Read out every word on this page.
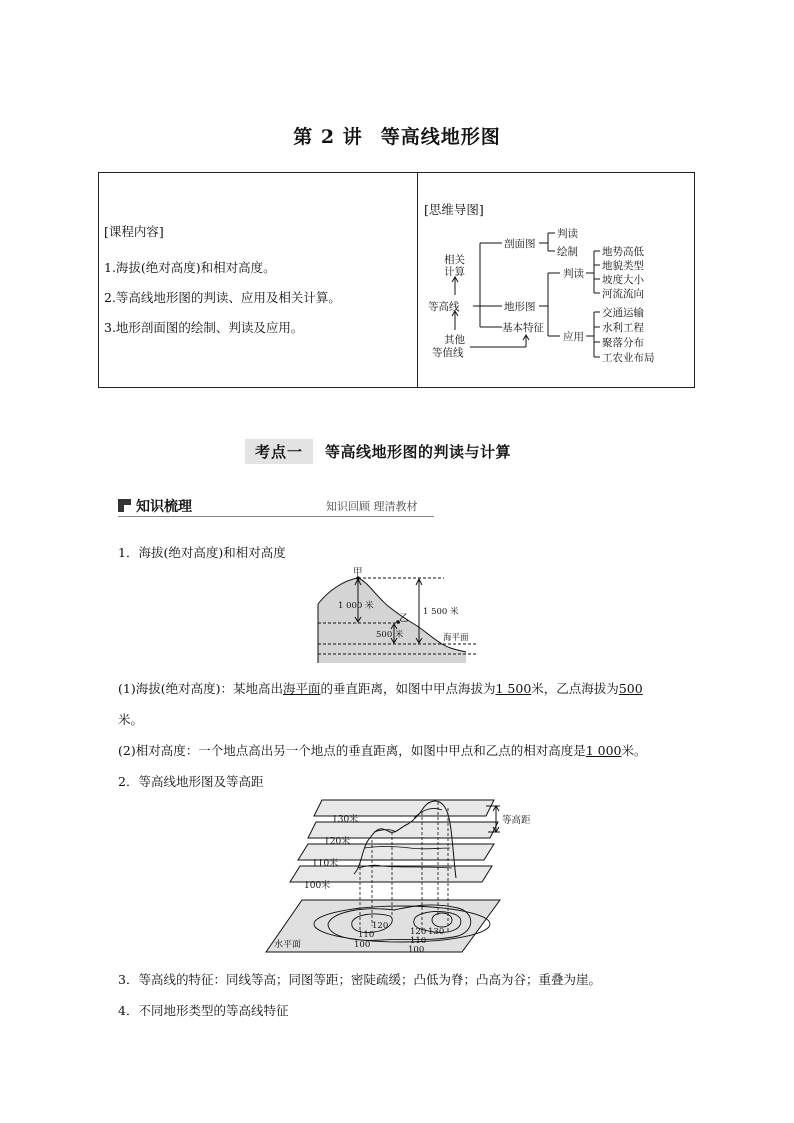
第 2 讲 等高线地形图
[课程内容]
1.海拔(绝对高度)和相对高度。
2.等高线地形图的判读、应用及相关计算。
3.地形剖面图的绘制、判读及应用。
[思维导图]
相关
计算
等高线
其他
等值线
剖面图
判读
绘制
地形图
基本特征
判读
地势高低
地貌类型
坡度大小
河流流向
应用
交通运输
水利工程
聚落分布
工农业布局
考点一	等高线地形图的判读与计算
知识梳理	知识回顾 理清教材
1．海拔(绝对高度)和相对高度
甲
乙
1 000 米
1 500 米
500 米	海平面
(1)海拔(绝对高度)：某地高出海平面的垂直距离，如图中甲点海拔为1 500米，乙点海拔为500
米。
(2)相对高度：一个地点高出另一个地点的垂直距离，如图中甲点和乙点的相对高度是1 000米。
2．等高线地形图及等高距
130米
120米
110米
100米
等高距
水平面
120
110
100
120 130
110
100
3．等高线的特征：同线等高；同图等距；密陡疏缓；凸低为脊；凸高为谷；重叠为崖。
4．不同地形类型的等高线特征
